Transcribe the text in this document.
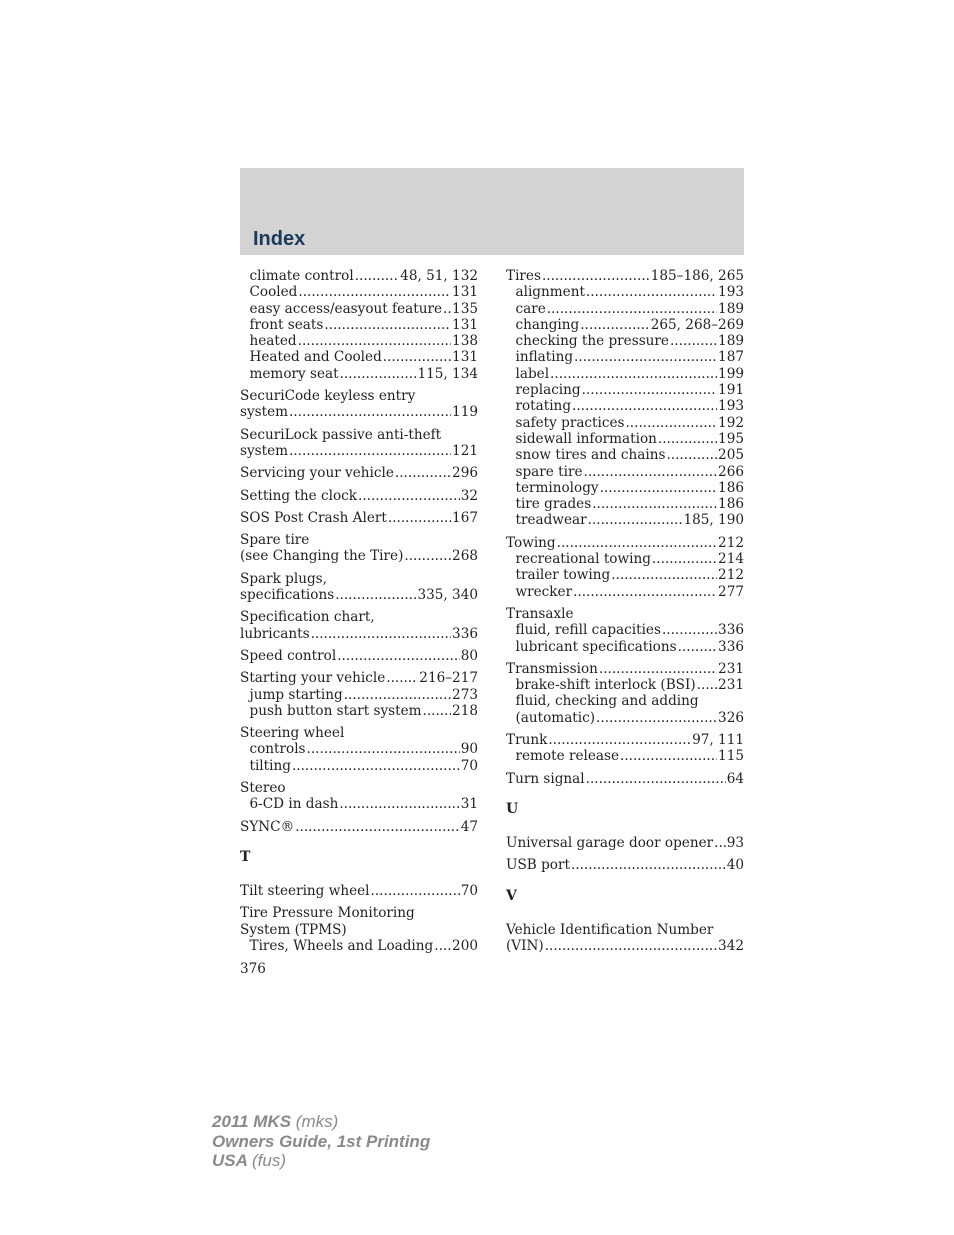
Index
climate control .....	48, 51, 132
Cooled .....	131
easy access/easyout feature ..... 135
front seats .....	131
heated .....	138
Heated and Cooled .....	131
memory seat .....	115, 134
SecuriCode keyless entry
system .....	119
SecuriLock passive anti-theft
system .....	121
Servicing your vehicle .....	296
Setting the clock .....	32
SOS Post Crash Alert .....	167
Spare tire
(see Changing the Tire) .....	268
Spark plugs,
specifications .....	335, 340
Specification chart,
lubricants .....	336
Speed control .....	80
Starting your vehicle .....	216–217
jump starting .....	273
push button start system ..... 218
Steering wheel
controls .....	90
tilting .....	70
Stereo
6-CD in dash .....	31
SYNC® .....	47
T
Tilt steering wheel .....	70
Tire Pressure Monitoring
System (TPMS)
Tires, Wheels and Loading ..... 200
Tires .....	185–186, 265
alignment .....	193
care .....	189
changing .....	265, 268–269
checking the pressure .....	189
inflating .....	187
label .....	199
replacing .....	191
rotating .....	193
safety practices .....	192
sidewall information .....	195
snow tires and chains .....	205
spare tire .....	266
terminology .....	186
tire grades .....	186
treadwear .....	185, 190
Towing .....	212
recreational towing .....	214
trailer towing .....	212
wrecker .....	277
Transaxle
fluid, refill capacities .....	336
lubricant specifications .....	336
Transmission .....	231
brake-shift interlock (BSI) ..... 231
fluid, checking and adding
(automatic) .....	326
Trunk .....	97, 111
remote release .....	115
Turn signal .....	64
U
Universal garage door opener ..... 93
USB port .....	40
V
Vehicle Identification Number
(VIN) .....	342
376
2011 MKS (mks)
Owners Guide, 1st Printing
USA (fus)
